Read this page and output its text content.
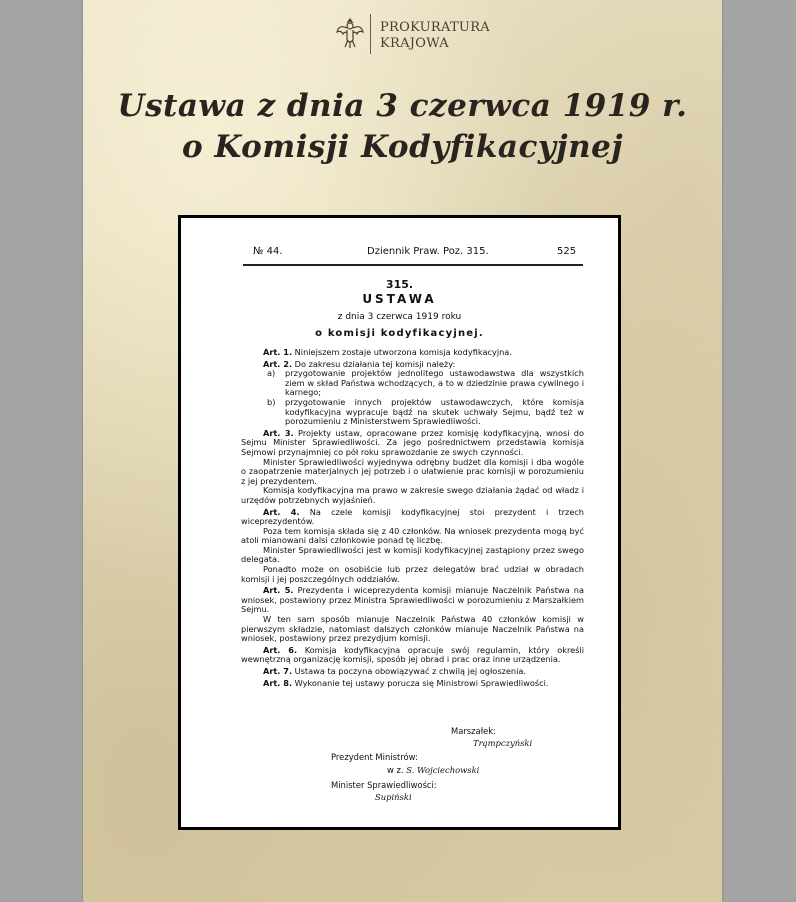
PROKURATURA
KRAJOWA
Ustawa z dnia 3 czerwca 1919 r.
o Komisji Kodyfikacyjnej
№ 44.	Dziennik Praw. Poz. 315.	525
315.
USTAWA
z dnia 3 czerwca 1919 roku
o komisji kodyfikacyjnej.

Art. 1. Niniejszem zostaje utworzona komisja kodyfikacyjna.

Art. 2. Do zakresu działania tej komisji należy:

a) przygotowanie projektów jednolitego ustawodawstwa dla wszystkich ziem w skład Państwa wchodzących, a to w dziedzinie prawa cywilnego i karnego;

b) przygotowanie innych projektów ustawodawczych, które komisja kodyfikacyjna wypracuje bądź na skutek uchwały Sejmu, bądź też w porozumieniu z Ministerstwem Sprawiedliwości.

Art. 3. Projekty ustaw, opracowane przez komisję kodyfikacyjną, wnosi do Sejmu Minister Sprawiedliwości. Za jego pośrednictwem przedstawia komisja Sejmowi przynajmniej co pół roku sprawozdanie ze swych czynności.

Minister Sprawiedliwości wyjednywa odrębny budżet dla komisji i dba wogóle o zaopatrzenie materjalnych jej potrzeb i o ułatwienie prac komisji w porozumieniu z jej prezydentem.

Komisja kodyfikacyjna ma prawo w zakresie swego działania żądać od władz i urzędów potrzebnych wyjaśnień.

Art. 4. Na czele komisji kodyfikacyjnej stoi prezydent i trzech wiceprezydentów.

Poza tem komisja składa się z 40 członków. Na wniosek prezydenta mogą być atoli mianowani dalsi członkowie ponad tę liczbę.

Minister Sprawiedliwości jest w komisji kodyfikacyjnej zastąpiony przez swego delegata.

Ponadto może on osobiście lub przez delegatów brać udział w obradach komisji i jej poszczególnych oddziałów.

Art. 5. Prezydenta i wiceprezydenta komisji mianuje Naczelnik Państwa na wniosek, postawiony przez Ministra Sprawiedliwości w porozumieniu z Marszałkiem Sejmu.

W ten sam sposób mianuje Naczelnik Państwa 40 członków komisji w pierwszym składzie, natomiast dalszych członków mianuje Naczelnik Państwa na wniosek, postawiony przez prezydjum komisji.

Art. 6. Komisja kodyfikacyjna opracuje swój regulamin, który określi wewnętrzną organizację komisji, sposób jej obrad i prac oraz inne urządzenia.

Art. 7. Ustawa ta poczyna obowiązywać z chwilą jej ogłoszenia.

Art. 8. Wykonanie tej ustawy porucza się Ministrowi Sprawiedliwości.

Marszałek:
Trąmpczyński
Prezydent Ministrów:
w z. S. Wojciechowski
Minister Sprawiedliwości:
Supiński
